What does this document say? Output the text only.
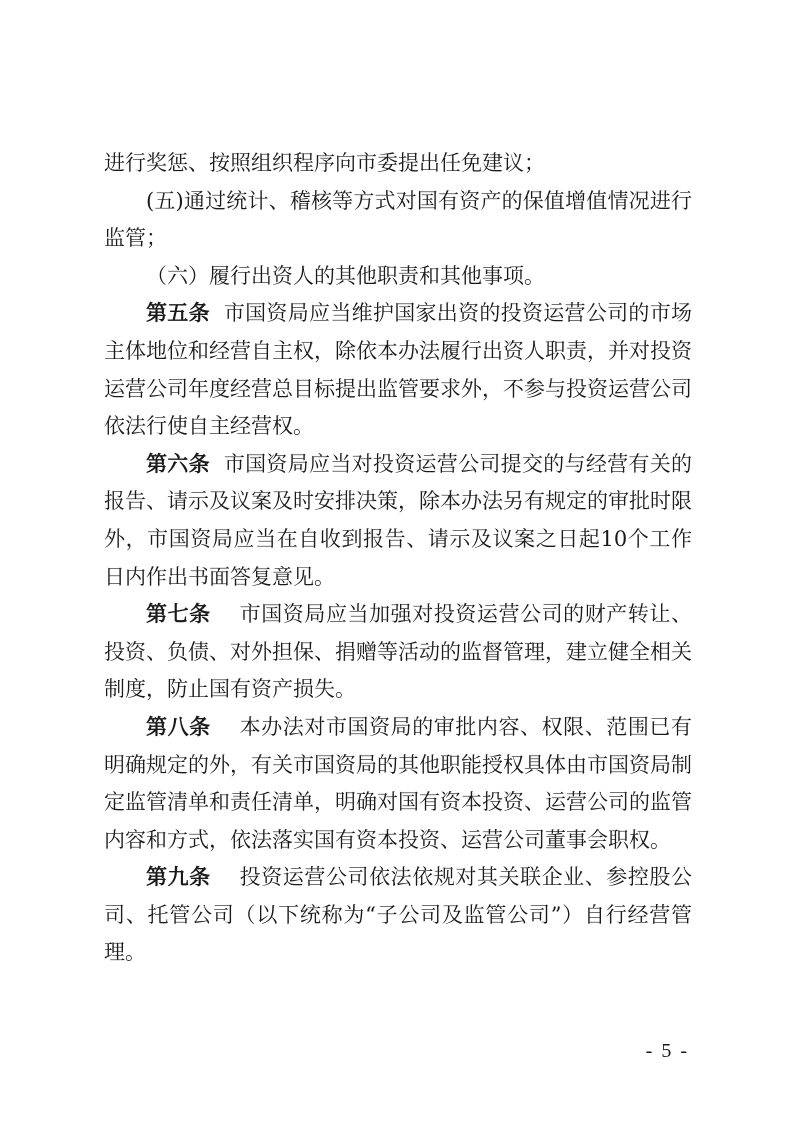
进行奖惩、按照组织程序向市委提出任免建议；

(五)通过统计、稽核等方式对国有资产的保值增值情况进行监管；

（六）履行出资人的其他职责和其他事项。

第五条 市国资局应当维护国家出资的投资运营公司的市场主体地位和经营自主权，除依本办法履行出资人职责，并对投资运营公司年度经营总目标提出监管要求外，不参与投资运营公司依法行使自主经营权。

第六条 市国资局应当对投资运营公司提交的与经营有关的报告、请示及议案及时安排决策，除本办法另有规定的审批时限外，市国资局应当在自收到报告、请示及议案之日起10个工作日内作出书面答复意见。

第七条 市国资局应当加强对投资运营公司的财产转让、投资、负债、对外担保、捐赠等活动的监督管理，建立健全相关制度，防止国有资产损失。

第八条 本办法对市国资局的审批内容、权限、范围已有明确规定的外，有关市国资局的其他职能授权具体由市国资局制定监管清单和责任清单，明确对国有资本投资、运营公司的监管内容和方式，依法落实国有资本投资、运营公司董事会职权。

第九条 投资运营公司依法依规对其关联企业、参控股公司、托管公司（以下统称为“子公司及监管公司”）自行经营管理。

- 5 -
